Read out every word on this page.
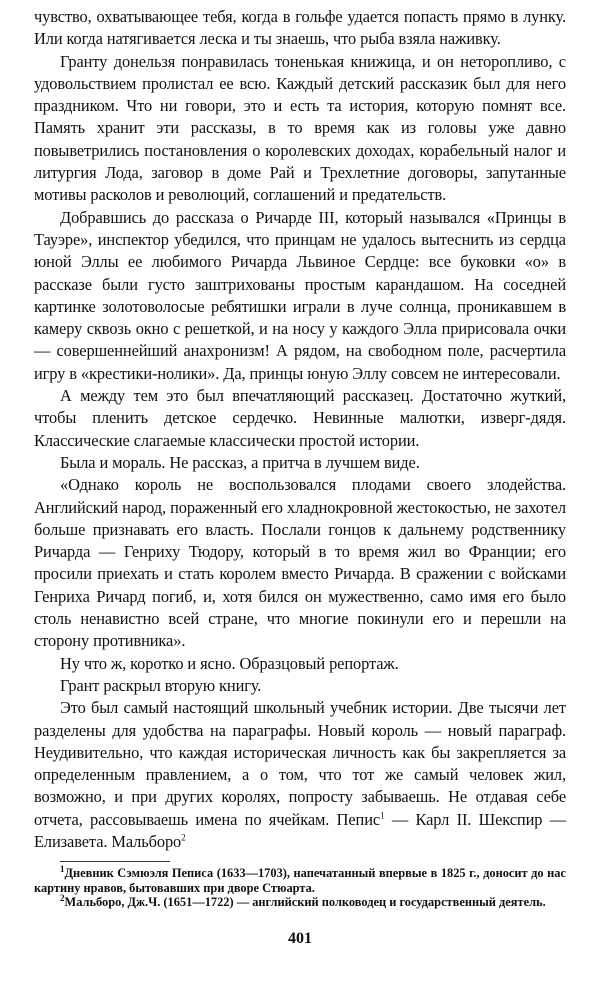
чувство, охватывающее тебя, когда в гольфе удается попасть прямо в лунку. Или когда натягивается леска и ты знаешь, что рыба взяла наживку.

Гранту донельзя понравилась тоненькая книжица, и он нетоpопливо, с удовольствием пролистал ее всю. Каждый детский рассказик был для него праздником. Что ни говори, это и есть та история, которую помнят все. Память хранит эти рассказы, в то время как из головы уже давно повыветрились постановления о королевских доходах, корабельный налог и литургия Лода, заговор в доме Рай и Трехлетние договоры, запутанные мотивы расколов и революций, соглашений и предательств.

Добравшись до рассказа о Ричарде III, который назывался «Принцы в Тауэре», инспектор убедился, что принцам не удалось вытеснить из сердца юной Эллы ее любимого Ричарда Львиное Сердце: все буковки «о» в рассказе были густо заштрихованы простым карандашом. На соседней картинке золотоволосые ребятишки играли в луче солнца, проникавшем в камеру сквозь окно с решеткой, и на носу у каждого Элла пририсовала очки — совершеннейший анахронизм! А рядом, на свободном поле, расчертила игру в «крестики-нолики». Да, принцы юную Эллу совсем не интересовали.

А между тем это был впечатляющий рассказец. Достаточно жуткий, чтобы пленить детское сердечко. Невинные малютки, изверг-дядя. Классические слагаемые классически простой истории.

Была и мораль. Не рассказ, а притча в лучшем виде.

«Однако король не воспользовался плодами своего злодейства. Английский народ, пораженный его хладнокровной жестокостью, не захотел больше признавать его власть. Послали гонцов к дальнему родственнику Ричарда — Генриху Тюдору, который в то время жил во Франции; его просили приехать и стать королем вместо Ричарда. В сражении с войсками Генриха Ричард погиб, и, хотя бился он мужественно, само имя его было столь ненавистно всей стране, что многие покинули его и перешли на сторону противника».

Ну что ж, коротко и ясно. Образцовый репортаж.

Грант раскрыл вторую книгу.

Это был самый настоящий школьный учебник истории. Две тысячи лет разделены для удобства на параграфы. Новый король — новый параграф. Неудивительно, что каждая историческая личность как бы закрепляется за определенным правлением, а о том, что тот же самый человек жил, возможно, и при других королях, попросту забываешь. Не отдавая себе отчета, рассовываешь имена по ячейкам. Пепис$^1$ — Карл II. Шекспир — Елизавета. Мальборо$^2$

$^1$Дневник Сэмюэля Пеписа (1633—1703), напечатанный впервые в 1825 г., доносит до нас картину нравов, бытовавших при дворе Стюарта.

$^2$Мальборо, Дж.Ч. (1651—1722) — английский полководец и государственный деятель.

401
